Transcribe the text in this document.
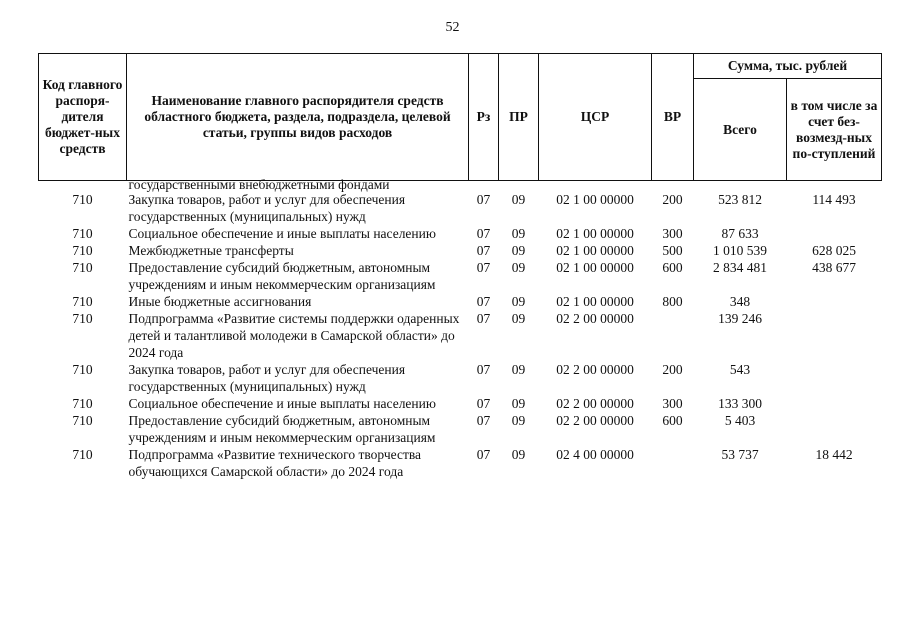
52
Код главного распоря-дителя бюджет-ных средств	Наименование главного распорядителя средств областного бюджета, раздела, подраздела, целевой статьи, группы видов расходов	Рз	ПР	ЦСР	ВР	Сумма, тыс. рублей	
						Всего	в том числе за счет без-возмезд-ных по-ступлений

	государственными внебюджетными фондами						

710	Закупка товаров, работ и услуг для обеспечения государственных (муниципальных) нужд	07	09	02 1 00 00000	200	523 812	114 493
710	Социальное обеспечение и иные выплаты населению	07	09	02 1 00 00000	300	87 633	
710	Межбюджетные трансферты	07	09	02 1 00 00000	500	1 010 539	628 025
710	Предоставление субсидий бюджетным, автономным учреждениям и иным некоммерческим организациям	07	09	02 1 00 00000	600	2 834 481	438 677
710	Иные бюджетные ассигнования	07	09	02 1 00 00000	800	348	
710	Подпрограмма «Развитие системы поддержки одаренных детей и талантливой молодежи в Самарской области» до 2024 года	07	09	02 2 00 00000		139 246	
710	Закупка товаров, работ и услуг для обеспечения государственных (муниципальных) нужд	07	09	02 2 00 00000	200	543	
710	Социальное обеспечение и иные выплаты населению	07	09	02 2 00 00000	300	133 300	
710	Предоставление субсидий бюджетным, автономным учреждениям и иным некоммерческим организациям	07	09	02 2 00 00000	600	5 403	
710	Подпрограмма «Развитие технического творчества обучающихся Самарской области» до 2024 года	07	09	02 4 00 00000		53 737	18 442
